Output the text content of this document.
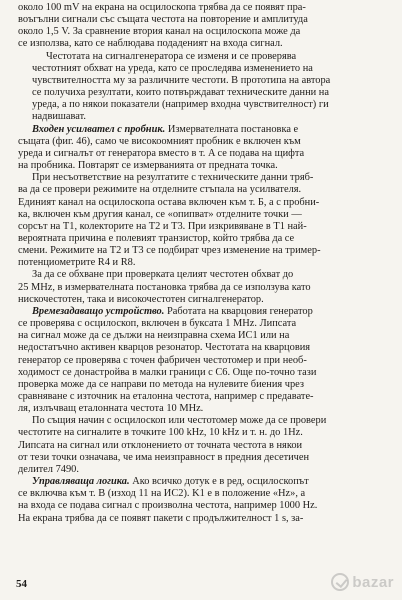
около 100 mV на екрана на осцилоскопа трябва да се появят пра-
воъгълни сигнали със същата честота на повторение и амплитуда
около 1,5 V. За сравнение втория канал на осцилоскопа може да
се използва, като се наблюдава подаденият на входа сигнал.

Честотата на сигналгенератора се изменя и се проверява
честотният обхват на уреда, като се проследява изменението на
чувствителността му за различните честоти. В прототипа на автора
се получиха резултати, които потвърждават техническите данни на
уреда, а по някои показатели (например входна чувствителност) ги
надвишават.

Входен усилвател с пробник. Измервателната постановка е
същата (фиг. 46), само че високоомният пробник е включен към
уреда и сигналът от генератора вместо в т. A се подава на щифта
на пробника. Повтарят се измерванията от предната точка.

При несъответствие на резултатите с техническите данни тряб-
ва да се провери режимите на отделните стъпала на усилвателя.
Единият канал на осцилоскопа остава включен към т. Б, а с пробни-
ка, включен към другия канал, се «опипват» отделните точки —
сорсът на T1, колекторите на T2 и T3. При изкривяване в T1 най-
вероятната причина е полевият транзистор, който трябва да се
смени. Режимите на T2 и T3 се подбират чрез изменение на тример-
потенциометрите R4 и R8.

За да се обхване при проверката целият честотен обхват до
25 MHz, в измервателната постановка трябва да се използува като
нискочестотен, така и високочестотен сигналгенератор.

Времезадаващо устройство. Работата на кварцовия генератор
се проверява с осцилоскоп, включен в буксата 1 MHz. Липсата
на сигнал може да се дължи на неизправна схема ИС1 или на
недостатъчно активен кварцов резонатор. Честотата на кварцовия
генератор се проверява с точен фабричен честотомер и при необ-
ходимост се донастройва в малки граници с C6. Още по-точно тази
проверка може да се направи по метода на нулевите биения чрез
сравняване с източник на еталонна честота, например с предавате-
ля, излъчващ еталонната честота 10 MHz.

По същия начин с осцилоскоп или честотомер може да се провери
честотите на сигналите в точките 100 kHz, 10 kHz и т. н. до 1Hz.
Липсата на сигнал или отклонението от точната честота в някои
от тези точки означава, че има неизправност в предния десетичен
делител 7490.

Управляваща логика. Ако всичко дотук е в ред, осцилоскопът
се включва към т. B (изход 11 на ИС2). K1 е в положение «Hz», а
на входа се подава сигнал с произволна честота, например 1000 Hz.
На екрана трябва да се появят пакети с продължителност 1 s, за-

54	bazar
